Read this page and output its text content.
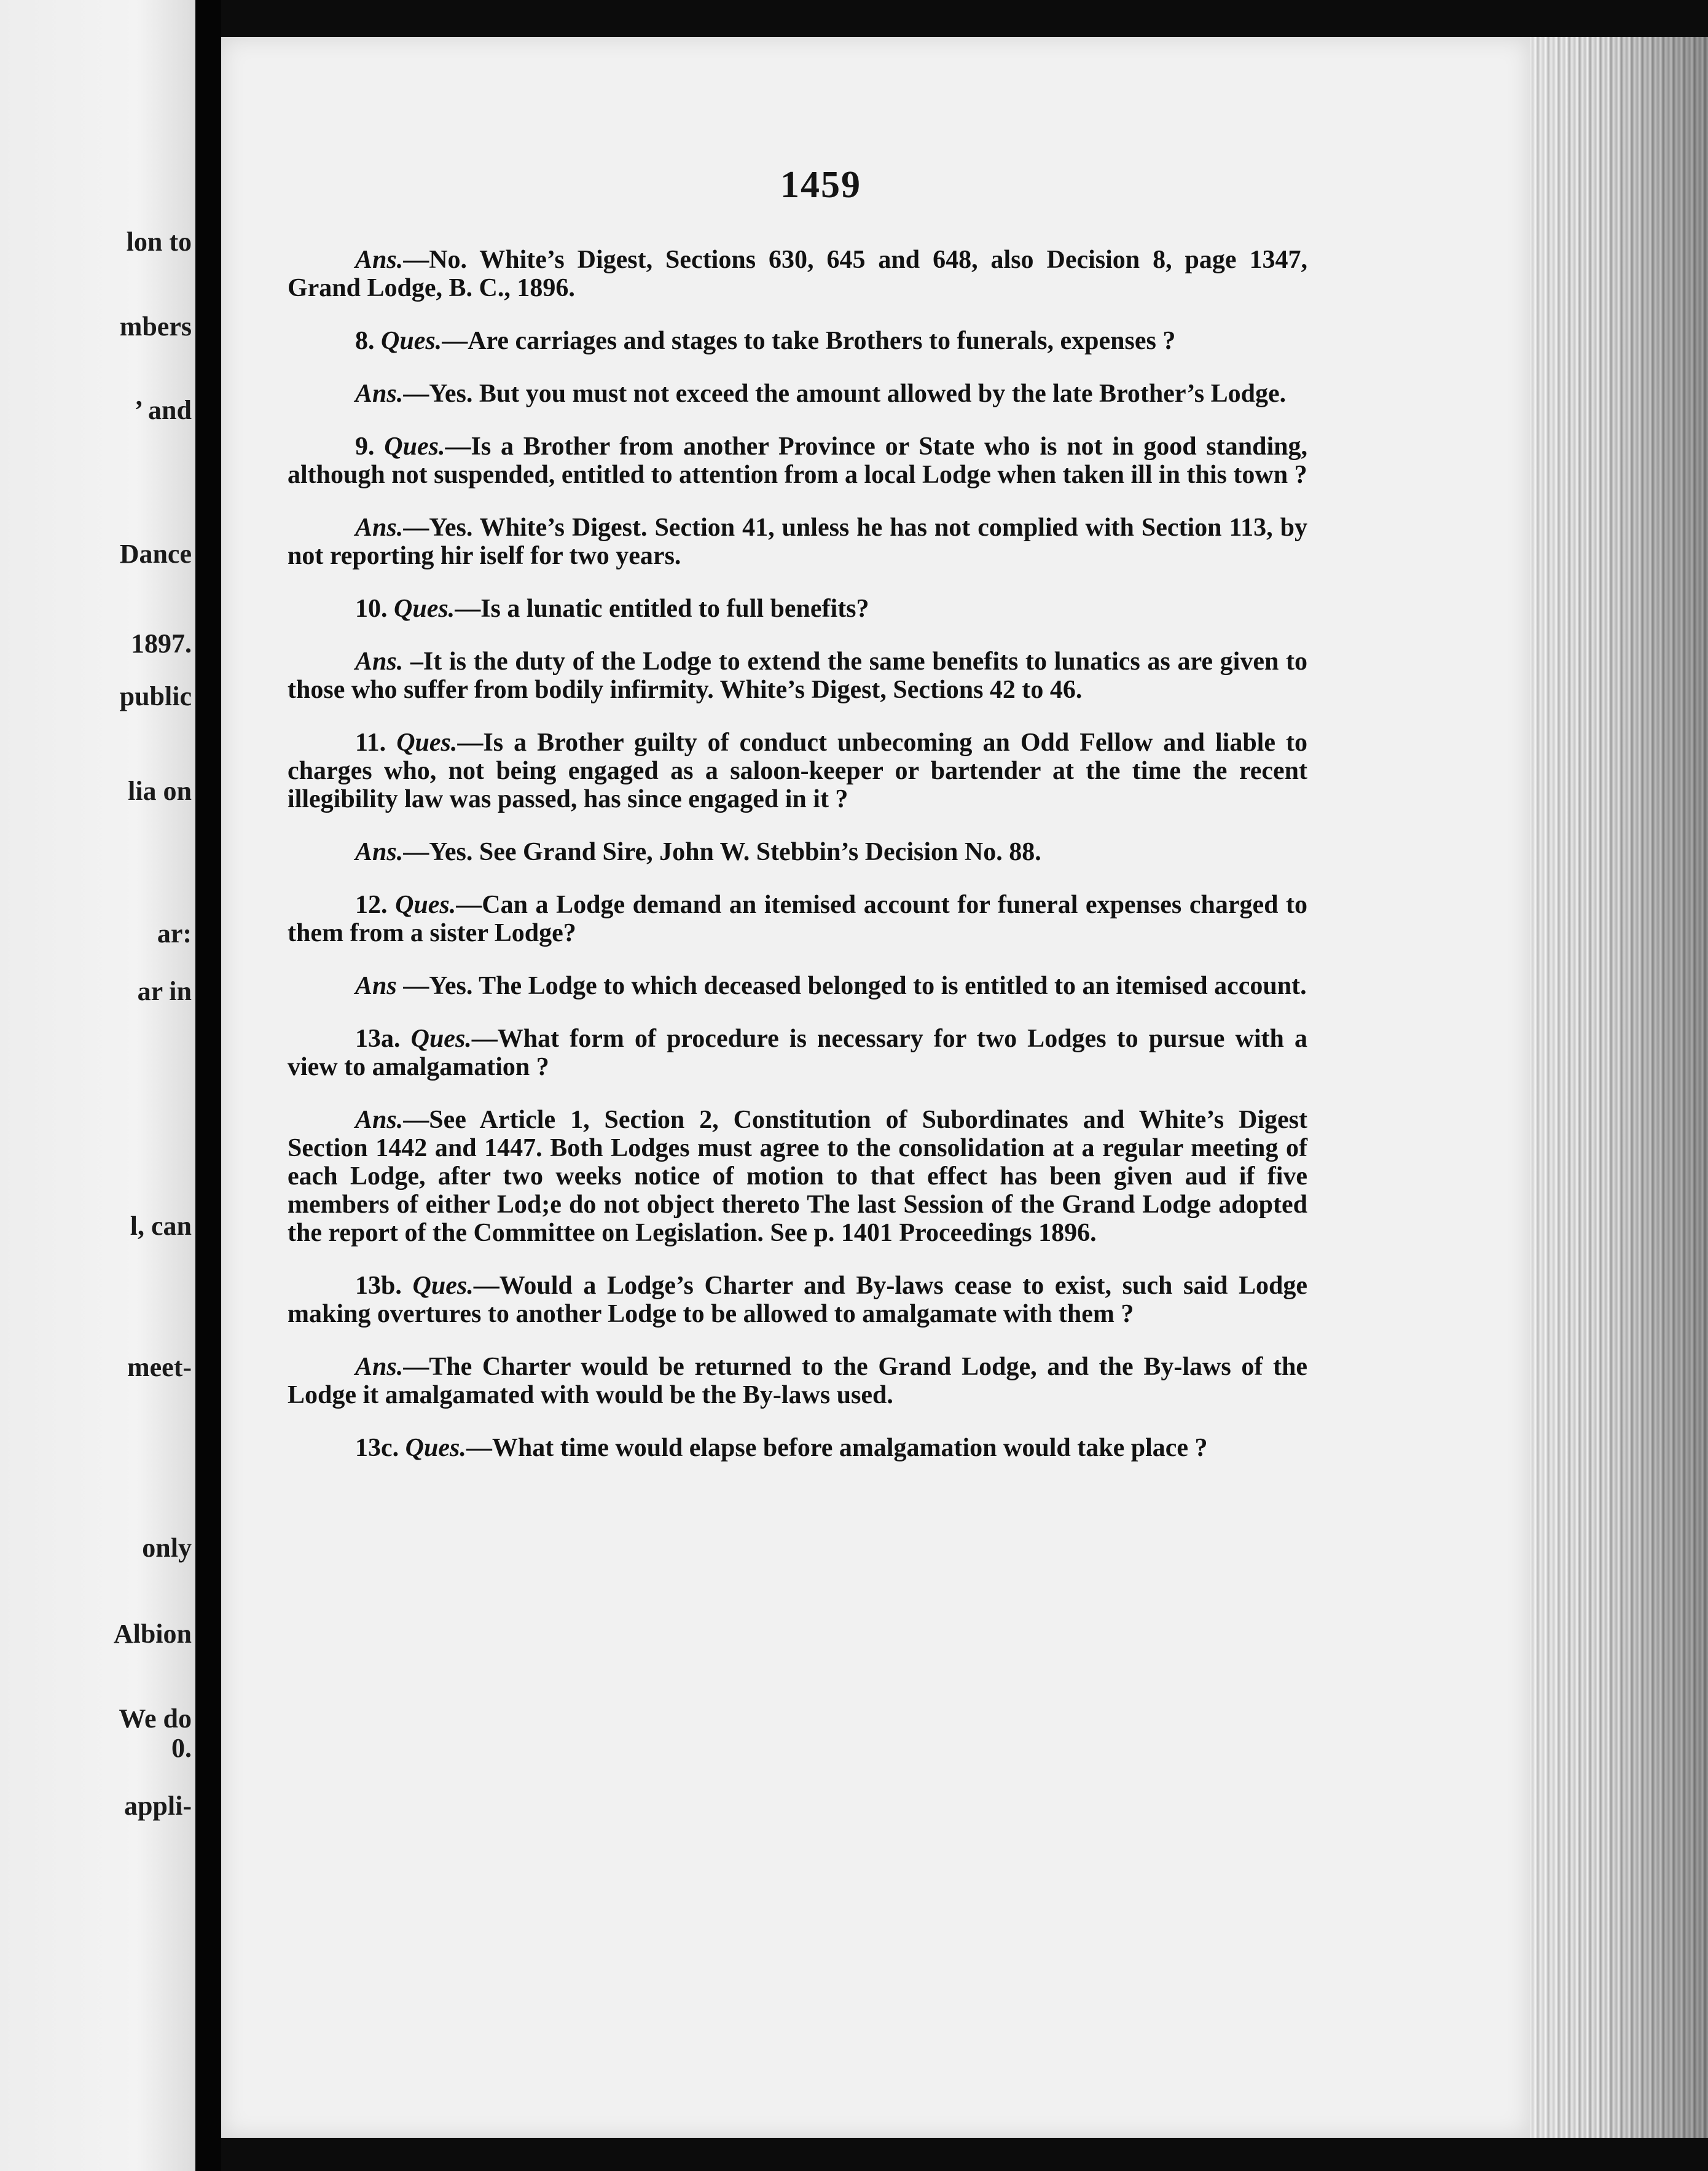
lon to
mbers
’ and
Dance
1897.
public
lia on
ar:
ar in
l, can
meet-
only
Albion
We do
0.
appli-
1459

Ans.—No. White’s Digest, Sections 630, 645 and 648, also Decision 8, page 1347, Grand Lodge, B. C., 1896.

8. Ques.—Are carriages and stages to take Brothers to funerals, expenses ?

Ans.—Yes. But you must not exceed the amount allowed by the late Brother’s Lodge.

9. Ques.—Is a Brother from another Province or State who is not in good standing, although not suspended, entitled to attention from a local Lodge when taken ill in this town ?

Ans.—Yes. White’s Digest. Section 41, unless he has not complied with Section 113, by not reporting hir iself for two years.

10. Ques.—Is a lunatic entitled to full benefits?

Ans. –It is the duty of the Lodge to extend the same benefits to lunatics as are given to those who suffer from bodily infirmity. White’s Digest, Sections 42 to 46.

11. Ques.—Is a Brother guilty of conduct unbecoming an Odd Fellow and liable to charges who, not being engaged as a saloon-keeper or bartender at the time the recent illegibility law was passed, has since engaged in it ?

Ans.—Yes. See Grand Sire, John W. Stebbin’s Decision No. 88.

12. Ques.—Can a Lodge demand an itemised account for funeral expenses charged to them from a sister Lodge?

Ans —Yes. The Lodge to which deceased belonged to is entitled to an itemised account.

13a. Ques.—What form of procedure is necessary for two Lodges to pursue with a view to amalgamation ?

Ans.—See Article 1, Section 2, Constitution of Subordinates and White’s Digest Section 1442 and 1447. Both Lodges must agree to the consolidation at a regular meeting of each Lodge, after two weeks notice of motion to that effect has been given aud if five members of either Lod;e do not object thereto The last Session of the Grand Lodge adopted the report of the Committee on Legislation. See p. 1401 Proceedings 1896.

13b. Ques.—Would a Lodge’s Charter and By-laws cease to exist, such said Lodge making overtures to another Lodge to be allowed to amalgamate with them ?

Ans.—The Charter would be returned to the Grand Lodge, and the By-laws of the Lodge it amalgamated with would be the By-laws used.

13c. Ques.—What time would elapse before amalgamation would take place ?
